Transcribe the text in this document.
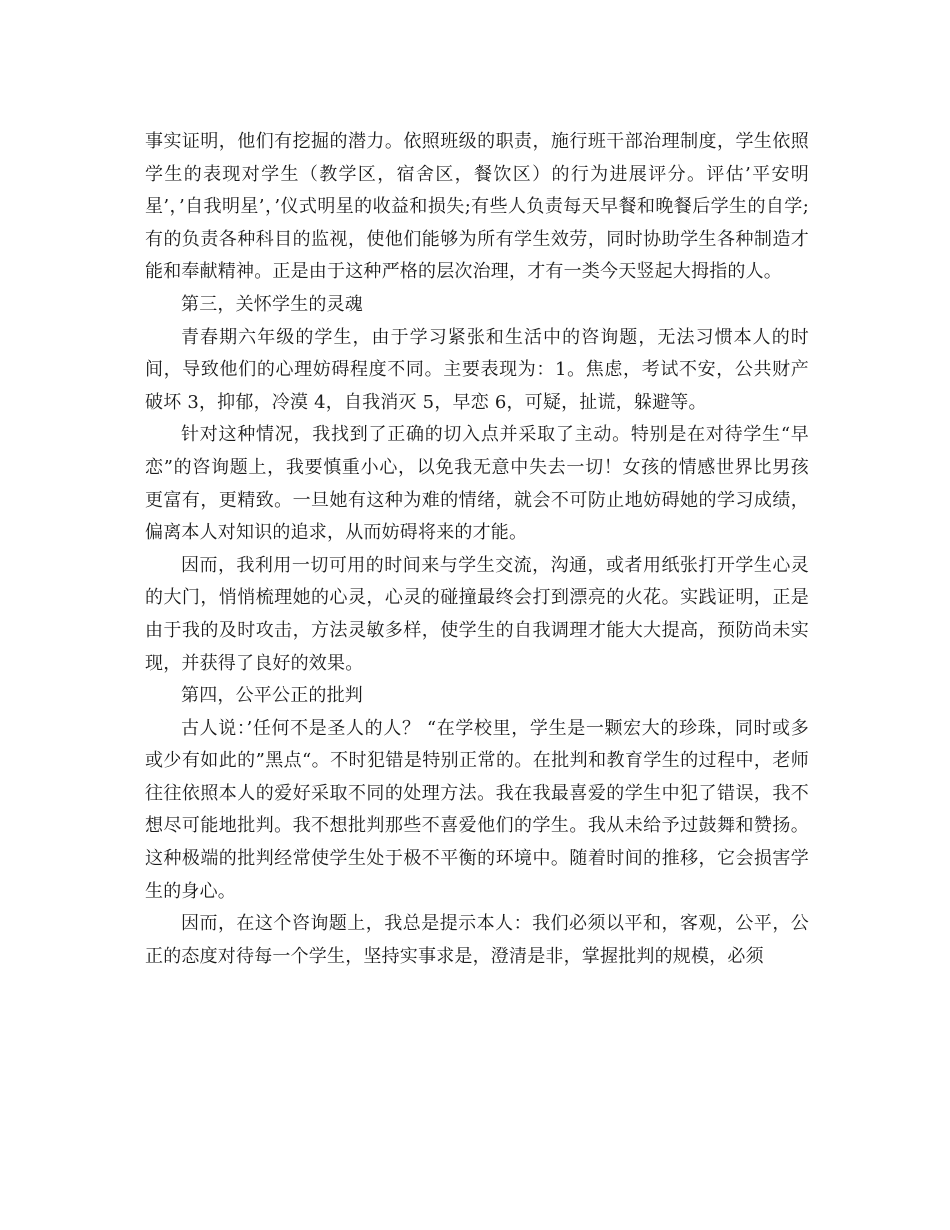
事实证明，他们有挖掘的潜力。依照班级的职责，施行班干部治理制度，学生依照学生的表现对学生（教学区，宿舍区，餐饮区）的行为进展评分。评估’平安明星’，’自我明星’，’仪式明星的收益和损失;有些人负责每天早餐和晚餐后学生的自学;有的负责各种科目的监视，使他们能够为所有学生效劳，同时协助学生各种制造才能和奉献精神。正是由于这种严格的层次治理，才有一类今天竖起大拇指的人。

第三，关怀学生的灵魂

青春期六年级的学生，由于学习紧张和生活中的咨询题，无法习惯本人的时间，导致他们的心理妨碍程度不同。主要表现为：1。焦虑，考试不安，公共财产破坏 3，抑郁，冷漠 4，自我消灭 5，早恋 6，可疑，扯谎，躲避等。

针对这种情况，我找到了正确的切入点并采取了主动。特别是在对待学生“早恋”的咨询题上，我要慎重小心，以免我无意中失去一切！女孩的情感世界比男孩更富有，更精致。一旦她有这种为难的情绪，就会不可防止地妨碍她的学习成绩，偏离本人对知识的追求，从而妨碍将来的才能。

因而，我利用一切可用的时间来与学生交流，沟通，或者用纸张打开学生心灵的大门，悄悄梳理她的心灵，心灵的碰撞最终会打到漂亮的火花。实践证明，正是由于我的及时攻击，方法灵敏多样，使学生的自我调理才能大大提高，预防尚未实现，并获得了良好的效果。

第四，公平公正的批判

古人说：’任何不是圣人的人？ “在学校里，学生是一颗宏大的珍珠，同时或多或少有如此的”黑点“。不时犯错是特别正常的。在批判和教育学生的过程中，老师往往依照本人的爱好采取不同的处理方法。我在我最喜爱的学生中犯了错误，我不想尽可能地批判。我不想批判那些不喜爱他们的学生。我从未给予过鼓舞和赞扬。这种极端的批判经常使学生处于极不平衡的环境中。随着时间的推移，它会损害学生的身心。

因而，在这个咨询题上，我总是提示本人：我们必须以平和，客观，公平，公正的态度对待每一个学生，坚持实事求是，澄清是非，掌握批判的规模，必须
